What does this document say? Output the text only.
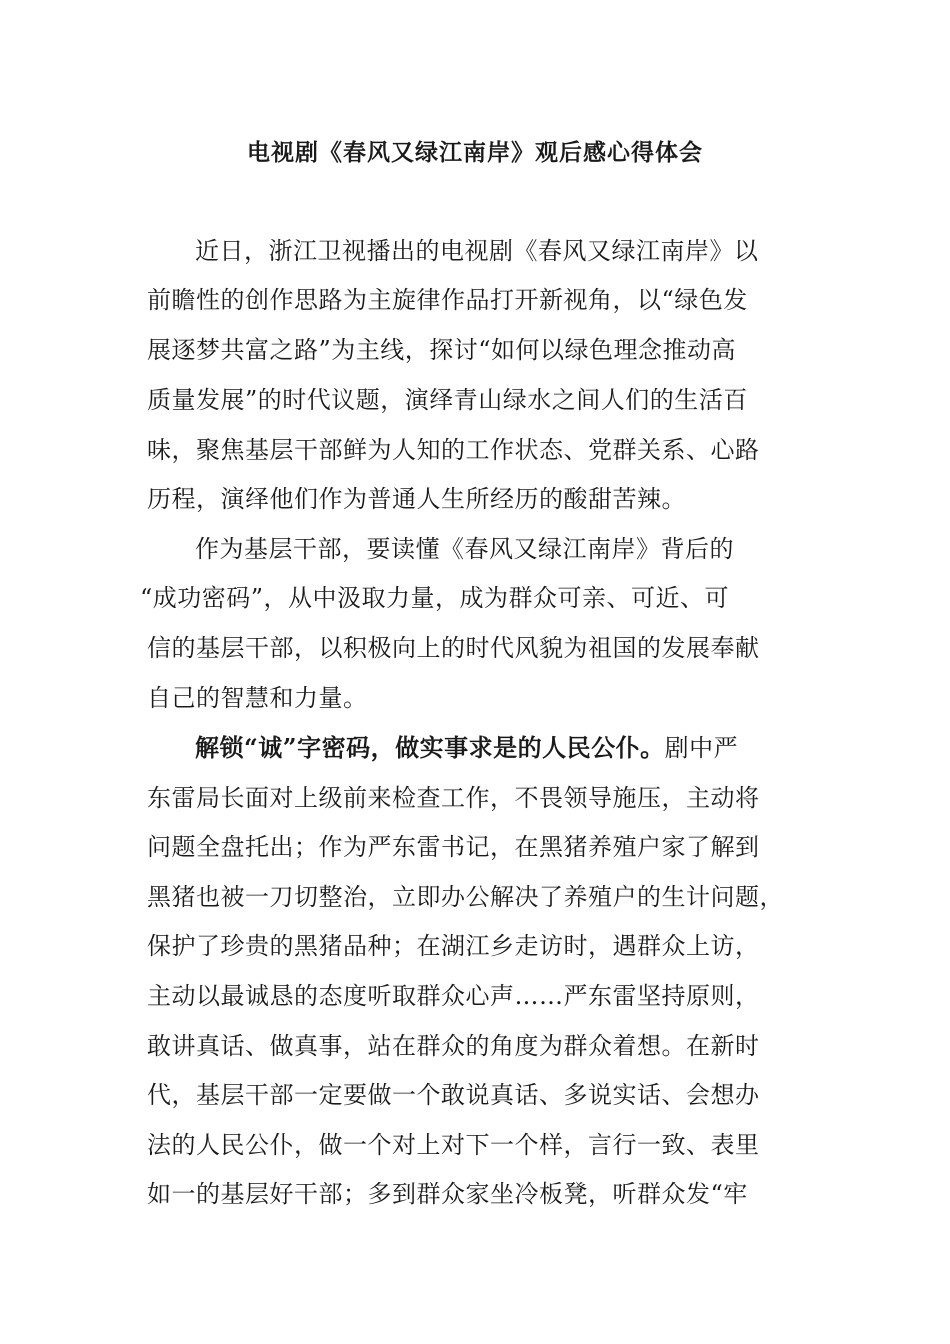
电视剧《春风又绿江南岸》观后感心得体会
近日，浙江卫视播出的电视剧《春风又绿江南岸》以
前瞻性的创作思路为主旋律作品打开新视角，以“绿色发
展逐梦共富之路”为主线，探讨“如何以绿色理念推动高
质量发展”的时代议题，演绎青山绿水之间人们的生活百
味，聚焦基层干部鲜为人知的工作状态、党群关系、心路
历程，演绎他们作为普通人生所经历的酸甜苦辣。
作为基层干部，要读懂《春风又绿江南岸》背后的
“成功密码”，从中汲取力量，成为群众可亲、可近、可
信的基层干部，以积极向上的时代风貌为祖国的发展奉献
自己的智慧和力量。
解锁“诚”字密码，做实事求是的人民公仆。剧中严
东雷局长面对上级前来检查工作，不畏领导施压，主动将
问题全盘托出；作为严东雷书记，在黑猪养殖户家了解到
黑猪也被一刀切整治，立即办公解决了养殖户的生计问题，
保护了珍贵的黑猪品种；在湖江乡走访时，遇群众上访，
主动以最诚恳的态度听取群众心声……严东雷坚持原则，
敢讲真话、做真事，站在群众的角度为群众着想。在新时
代，基层干部一定要做一个敢说真话、多说实话、会想办
法的人民公仆，做一个对上对下一个样，言行一致、表里
如一的基层好干部；多到群众家坐冷板凳，听群众发“牢
